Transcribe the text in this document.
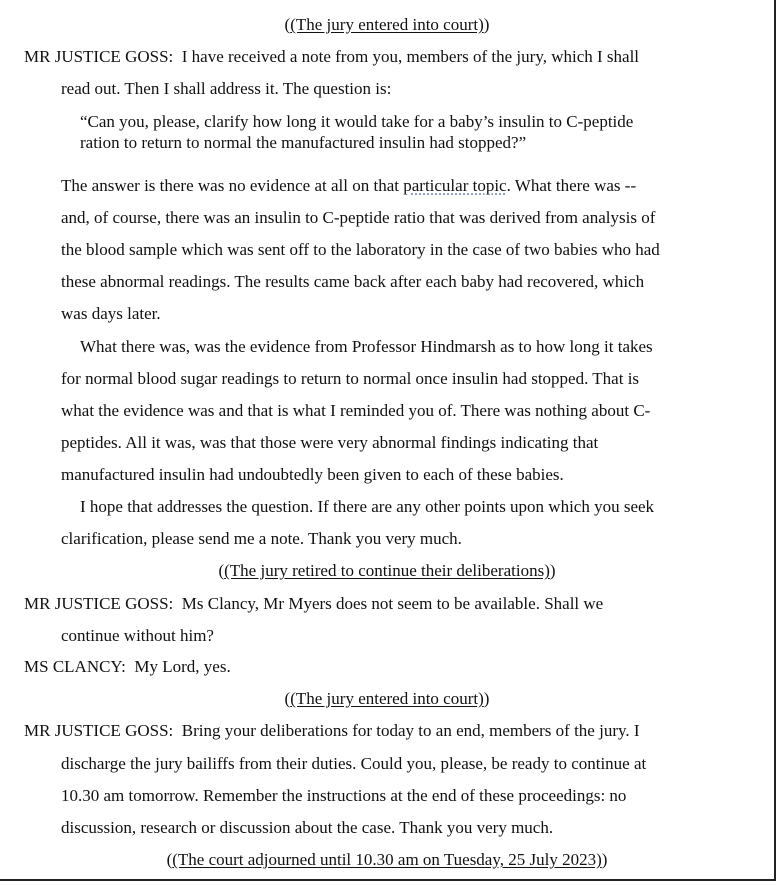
((The jury entered into court))
MR JUSTICE GOSS: I have received a note from you, members of the jury, which I shall
read out. Then I shall address it. The question is:
“Can you, please, clarify how long it would take for a baby’s insulin to C-peptide
ration to return to normal the manufactured insulin had stopped?”
The answer is there was no evidence at all on that particular topic. What there was --
and, of course, there was an insulin to C-peptide ratio that was derived from analysis of
the blood sample which was sent off to the laboratory in the case of two babies who had
these abnormal readings. The results came back after each baby had recovered, which
was days later.
What there was, was the evidence from Professor Hindmarsh as to how long it takes
for normal blood sugar readings to return to normal once insulin had stopped. That is
what the evidence was and that is what I reminded you of. There was nothing about C-
peptides. All it was, was that those were very abnormal findings indicating that
manufactured insulin had undoubtedly been given to each of these babies.
I hope that addresses the question. If there are any other points upon which you seek
clarification, please send me a note. Thank you very much.
((The jury retired to continue their deliberations))
MR JUSTICE GOSS: Ms Clancy, Mr Myers does not seem to be available. Shall we
continue without him?
MS CLANCY: My Lord, yes.
((The jury entered into court))
MR JUSTICE GOSS: Bring your deliberations for today to an end, members of the jury. I
discharge the jury bailiffs from their duties. Could you, please, be ready to continue at
10.30 am tomorrow. Remember the instructions at the end of these proceedings: no
discussion, research or discussion about the case. Thank you very much.
((The court adjourned until 10.30 am on Tuesday, 25 July 2023))
